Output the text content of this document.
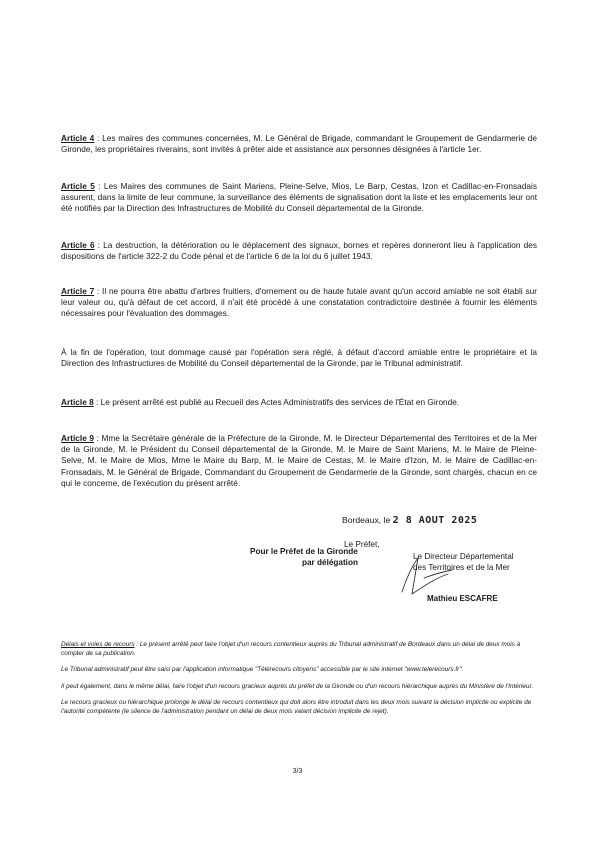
Article 4 : Les maires des communes concernées, M. Le Général de Brigade, commandant le Groupement de Gendarmerie de Gironde, les propriétaires riverains, sont invités à prêter aide et assistance aux personnes désignées à l'article 1er.
Article 5 : Les Maires des communes de Saint Mariens, Pleine-Selve, Mios, Le Barp, Cestas, Izon et Cadillac-en-Fronsadais assurent, dans la limite de leur commune, la surveillance des éléments de signalisation dont la liste et les emplacements leur ont été notifiés par la Direction des Infrastructures de Mobilité du Conseil départemental de la Gironde.
Article 6 : La destruction, la détérioration ou le déplacement des signaux, bornes et repères donneront lieu à l'application des dispositions de l'article 322-2 du Code pénal et de l'article 6 de la loi du 6 juillet 1943.
Article 7 : Il ne pourra être abattu d'arbres fruitiers, d'ornement ou de haute futaie avant qu'un accord amiable ne soit établi sur leur valeur ou, qu'à défaut de cet accord, il n'ait été procédé à une constatation contradictoire destinée à fournir les éléments nécessaires pour l'évaluation des dommages.
À la fin de l'opération, tout dommage causé par l'opération sera réglé, à défaut d'accord amiable entre le propriétaire et la Direction des Infrastructures de Mobilité du Conseil départemental de la Gironde, par le Tribunal administratif.
Article 8 : Le présent arrêté est publié au Recueil des Actes Administratifs des services de l'État en Gironde.
Article 9 : Mme la Secrétaire générale de la Préfecture de la Gironde, M. le Directeur Départemental des Territoires et de la Mer de la Gironde, M. le Président du Conseil départemental de la Gironde, M. le Maire de Saint Mariens, M. le Maire de Pleine-Selve, M. le Maire de Mios, Mme le Maire du Barp, M. le Maire de Cestas, M. le Maire d'Izon, M. le Maire de Cadillac-en-Fronsadais, M. le Général de Brigade, Commandant du Groupement de Gendarmerie de la Gironde, sont chargés, chacun en ce qui le concerne, de l'exécution du présent arrêté.
Bordeaux, le 2 8 AOUT 2025
Le Préfet,
Pour le Préfet de la Gironde
par délégation
Le Directeur Départemental
des Territoires et de la Mer
Mathieu ESCAFRE

Délais et voies de recours : Le présent arrêté peut faire l'objet d'un recours contentieux auprès du Tribunal administratif de Bordeaux dans un délai de deux mois à compter de sa publication.

Le Tribunal administratif peut être saisi par l'application informatique "Télérecours citoyens" accessible par le site internet "www.telerecours.fr".

Il peut également, dans le même délai, faire l'objet d'un recours gracieux auprès du préfet de la Gironde ou d'un recours hiérarchique auprès du Ministère de l'Intérieur.

Le recours gracieux ou hiérarchique prolonge le délai de recours contentieux qui doit alors être introduit dans les deux mois suivant la décision implicite ou explicite de l'autorité compétente (le silence de l'administration pendant un délai de deux mois valant décision implicite de rejet).

3/3
